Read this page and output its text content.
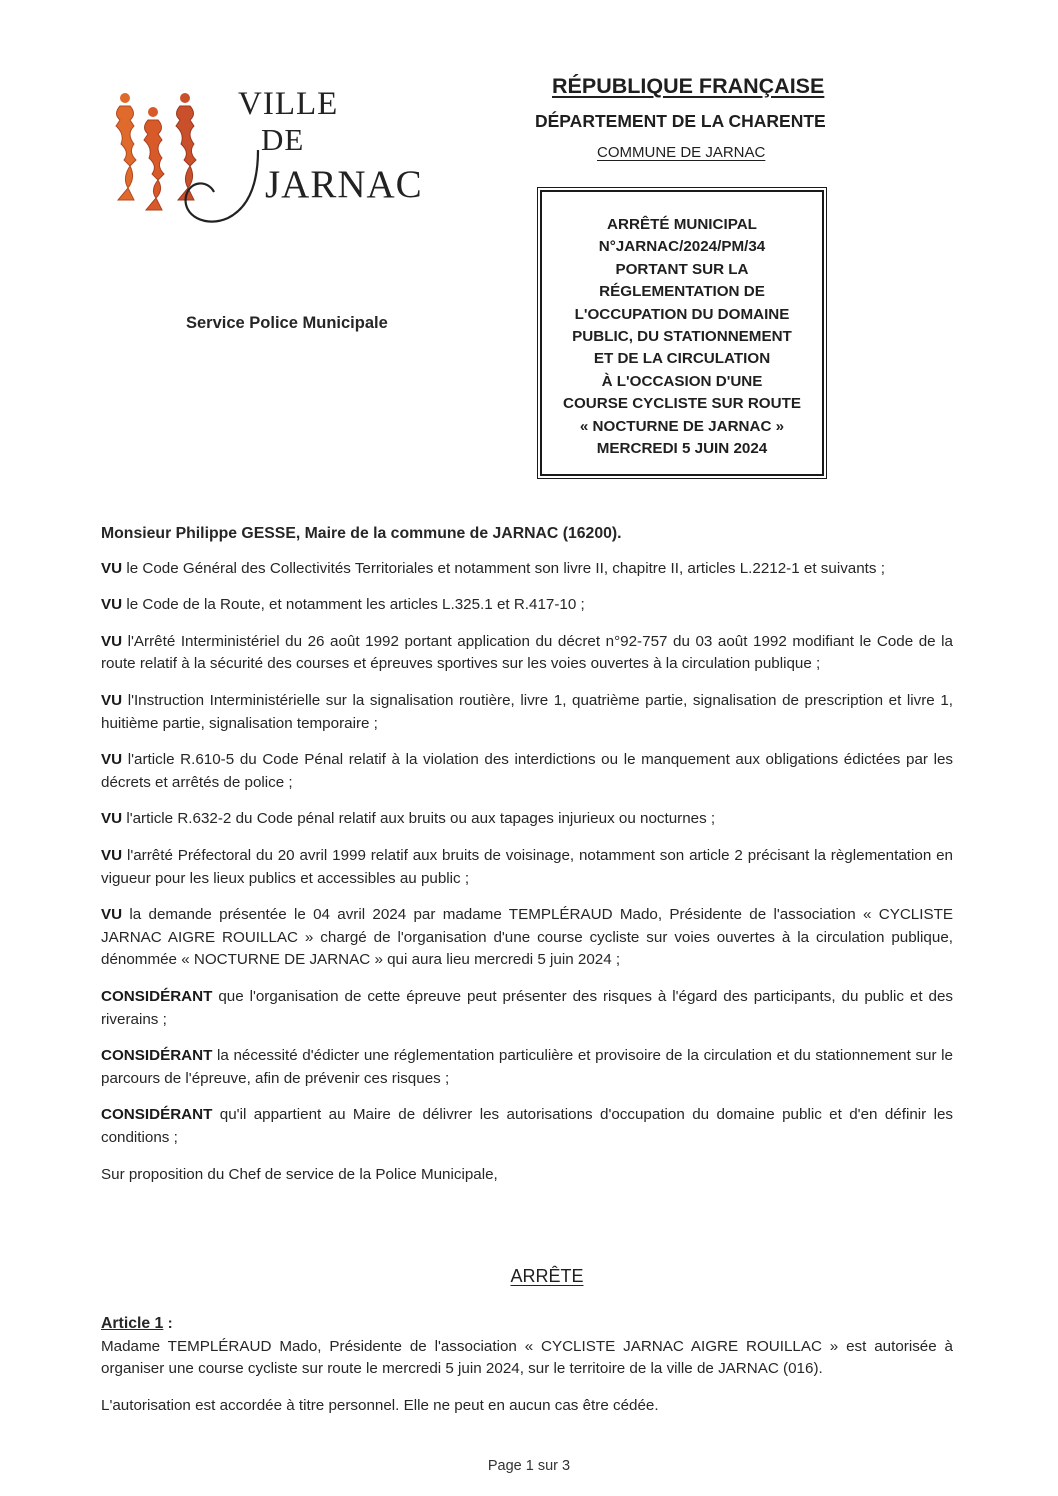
VILLE
DE
JARNAC
Service Police Municipale
RÉPUBLIQUE FRANÇAISE
DÉPARTEMENT DE LA CHARENTE
COMMUNE DE JARNAC
ARRÊTÉ MUNICIPAL
N°JARNAC/2024/PM/34
PORTANT SUR LA
RÉGLEMENTATION DE
L'OCCUPATION DU DOMAINE
PUBLIC, DU STATIONNEMENT
ET DE LA CIRCULATION
À L'OCCASION D'UNE
COURSE CYCLISTE SUR ROUTE
« NOCTURNE DE JARNAC »
MERCREDI 5 JUIN 2024

Monsieur Philippe GESSE, Maire de la commune de JARNAC (16200).

VU le Code Général des Collectivités Territoriales et notamment son livre II, chapitre II, articles L.2212-1 et suivants ;

VU le Code de la Route, et notamment les articles L.325.1 et R.417-10 ;

VU l'Arrêté Interministériel du 26 août 1992 portant application du décret n°92-757 du 03 août 1992 modifiant le Code de la route relatif à la sécurité des courses et épreuves sportives sur les voies ouvertes à la circulation publique ;

VU l'Instruction Interministérielle sur la signalisation routière, livre 1, quatrième partie, signalisation de prescription et livre 1, huitième partie, signalisation temporaire ;

VU l'article R.610-5 du Code Pénal relatif à la violation des interdictions ou le manquement aux obligations édictées par les décrets et arrêtés de police ;

VU l'article R.632-2 du Code pénal relatif aux bruits ou aux tapages injurieux ou nocturnes ;

VU l'arrêté Préfectoral du 20 avril 1999 relatif aux bruits de voisinage, notamment son article 2 précisant la règlementation en vigueur pour les lieux publics et accessibles au public ;

VU la demande présentée le 04 avril 2024 par madame TEMPLÉRAUD Mado, Présidente de l'association « CYCLISTE JARNAC AIGRE ROUILLAC » chargé de l'organisation d'une course cycliste sur voies ouvertes à la circulation publique, dénommée « NOCTURNE DE JARNAC » qui aura lieu mercredi 5 juin 2024 ;

CONSIDÉRANT que l'organisation de cette épreuve peut présenter des risques à l'égard des participants, du public et des riverains ;

CONSIDÉRANT la nécessité d'édicter une réglementation particulière et provisoire de la circulation et du stationnement sur le parcours de l'épreuve, afin de prévenir ces risques ;

CONSIDÉRANT qu'il appartient au Maire de délivrer les autorisations d'occupation du domaine public et d'en définir les conditions ;

Sur proposition du Chef de service de la Police Municipale,

ARRÊTE
Article 1 :

Madame TEMPLÉRAUD Mado, Présidente de l'association « CYCLISTE JARNAC AIGRE ROUILLAC » est autorisée à organiser une course cycliste sur route le mercredi 5 juin 2024, sur le territoire de la ville de JARNAC (016).

L'autorisation est accordée à titre personnel. Elle ne peut en aucun cas être cédée.

Page 1 sur 3
